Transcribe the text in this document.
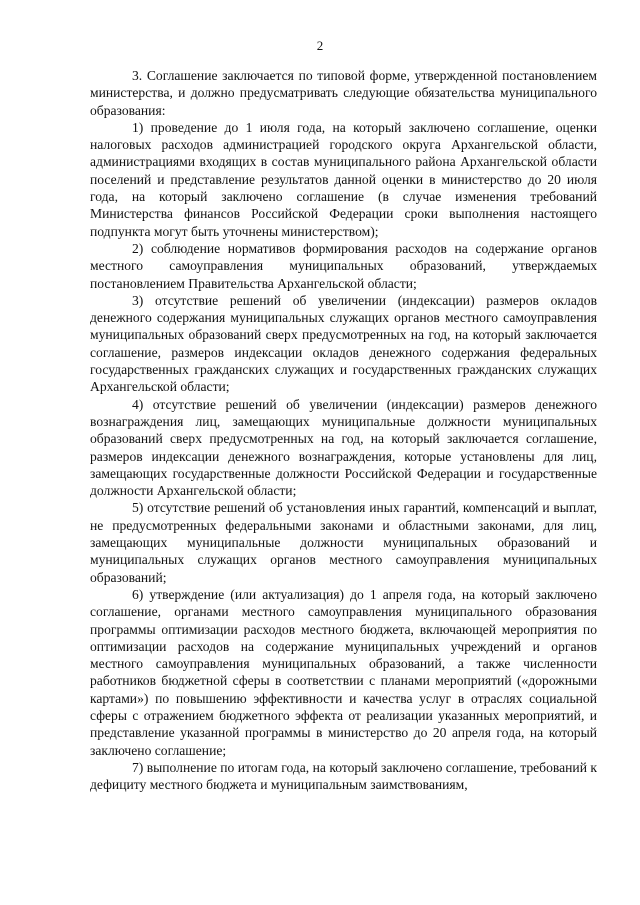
2

3. Соглашение заключается по типовой форме, утвержденной постановлением министерства, и должно предусматривать следующие обязательства муниципального образования:

1) проведение до 1 июля года, на который заключено соглашение, оценки налоговых расходов администрацией городского округа Архангельской области, администрациями входящих в состав муниципального района Архангельской области поселений и представление результатов данной оценки в министерство до 20 июля года, на который заключено соглашение (в случае изменения требований Министерства финансов Российской Федерации сроки выполнения настоящего подпункта могут быть уточнены министерством);

2) соблюдение нормативов формирования расходов на содержание органов местного самоуправления муниципальных образований, утверждаемых постановлением Правительства Архангельской области;

3) отсутствие решений об увеличении (индексации) размеров окладов денежного содержания муниципальных служащих органов местного самоуправления муниципальных образований сверх предусмотренных на год, на который заключается соглашение, размеров индексации окладов денежного содержания федеральных государственных гражданских служащих и государственных гражданских служащих Архангельской области;

4) отсутствие решений об увеличении (индексации) размеров денежного вознаграждения лиц, замещающих муниципальные должности муниципальных образований сверх предусмотренных на год, на который заключается соглашение, размеров индексации денежного вознаграждения, которые установлены для лиц, замещающих государственные должности Российской Федерации и государственные должности Архангельской области;

5) отсутствие решений об установления иных гарантий, компенсаций и выплат, не предусмотренных федеральными законами и областными законами, для лиц, замещающих муниципальные должности муниципальных образований и муниципальных служащих органов местного самоуправления муниципальных образований;

6) утверждение (или актуализация) до 1 апреля года, на который заключено соглашение, органами местного самоуправления муниципального образования программы оптимизации расходов местного бюджета, включающей мероприятия по оптимизации расходов на содержание муниципальных учреждений и органов местного самоуправления муниципальных образований, а также численности работников бюджетной сферы в соответствии с планами мероприятий («дорожными картами») по повышению эффективности и качества услуг в отраслях социальной сферы с отражением бюджетного эффекта от реализации указанных мероприятий, и представление указанной программы в министерство до 20 апреля года, на который заключено соглашение;

7) выполнение по итогам года, на который заключено соглашение, требований к дефициту местного бюджета и муниципальным заимствованиям,
